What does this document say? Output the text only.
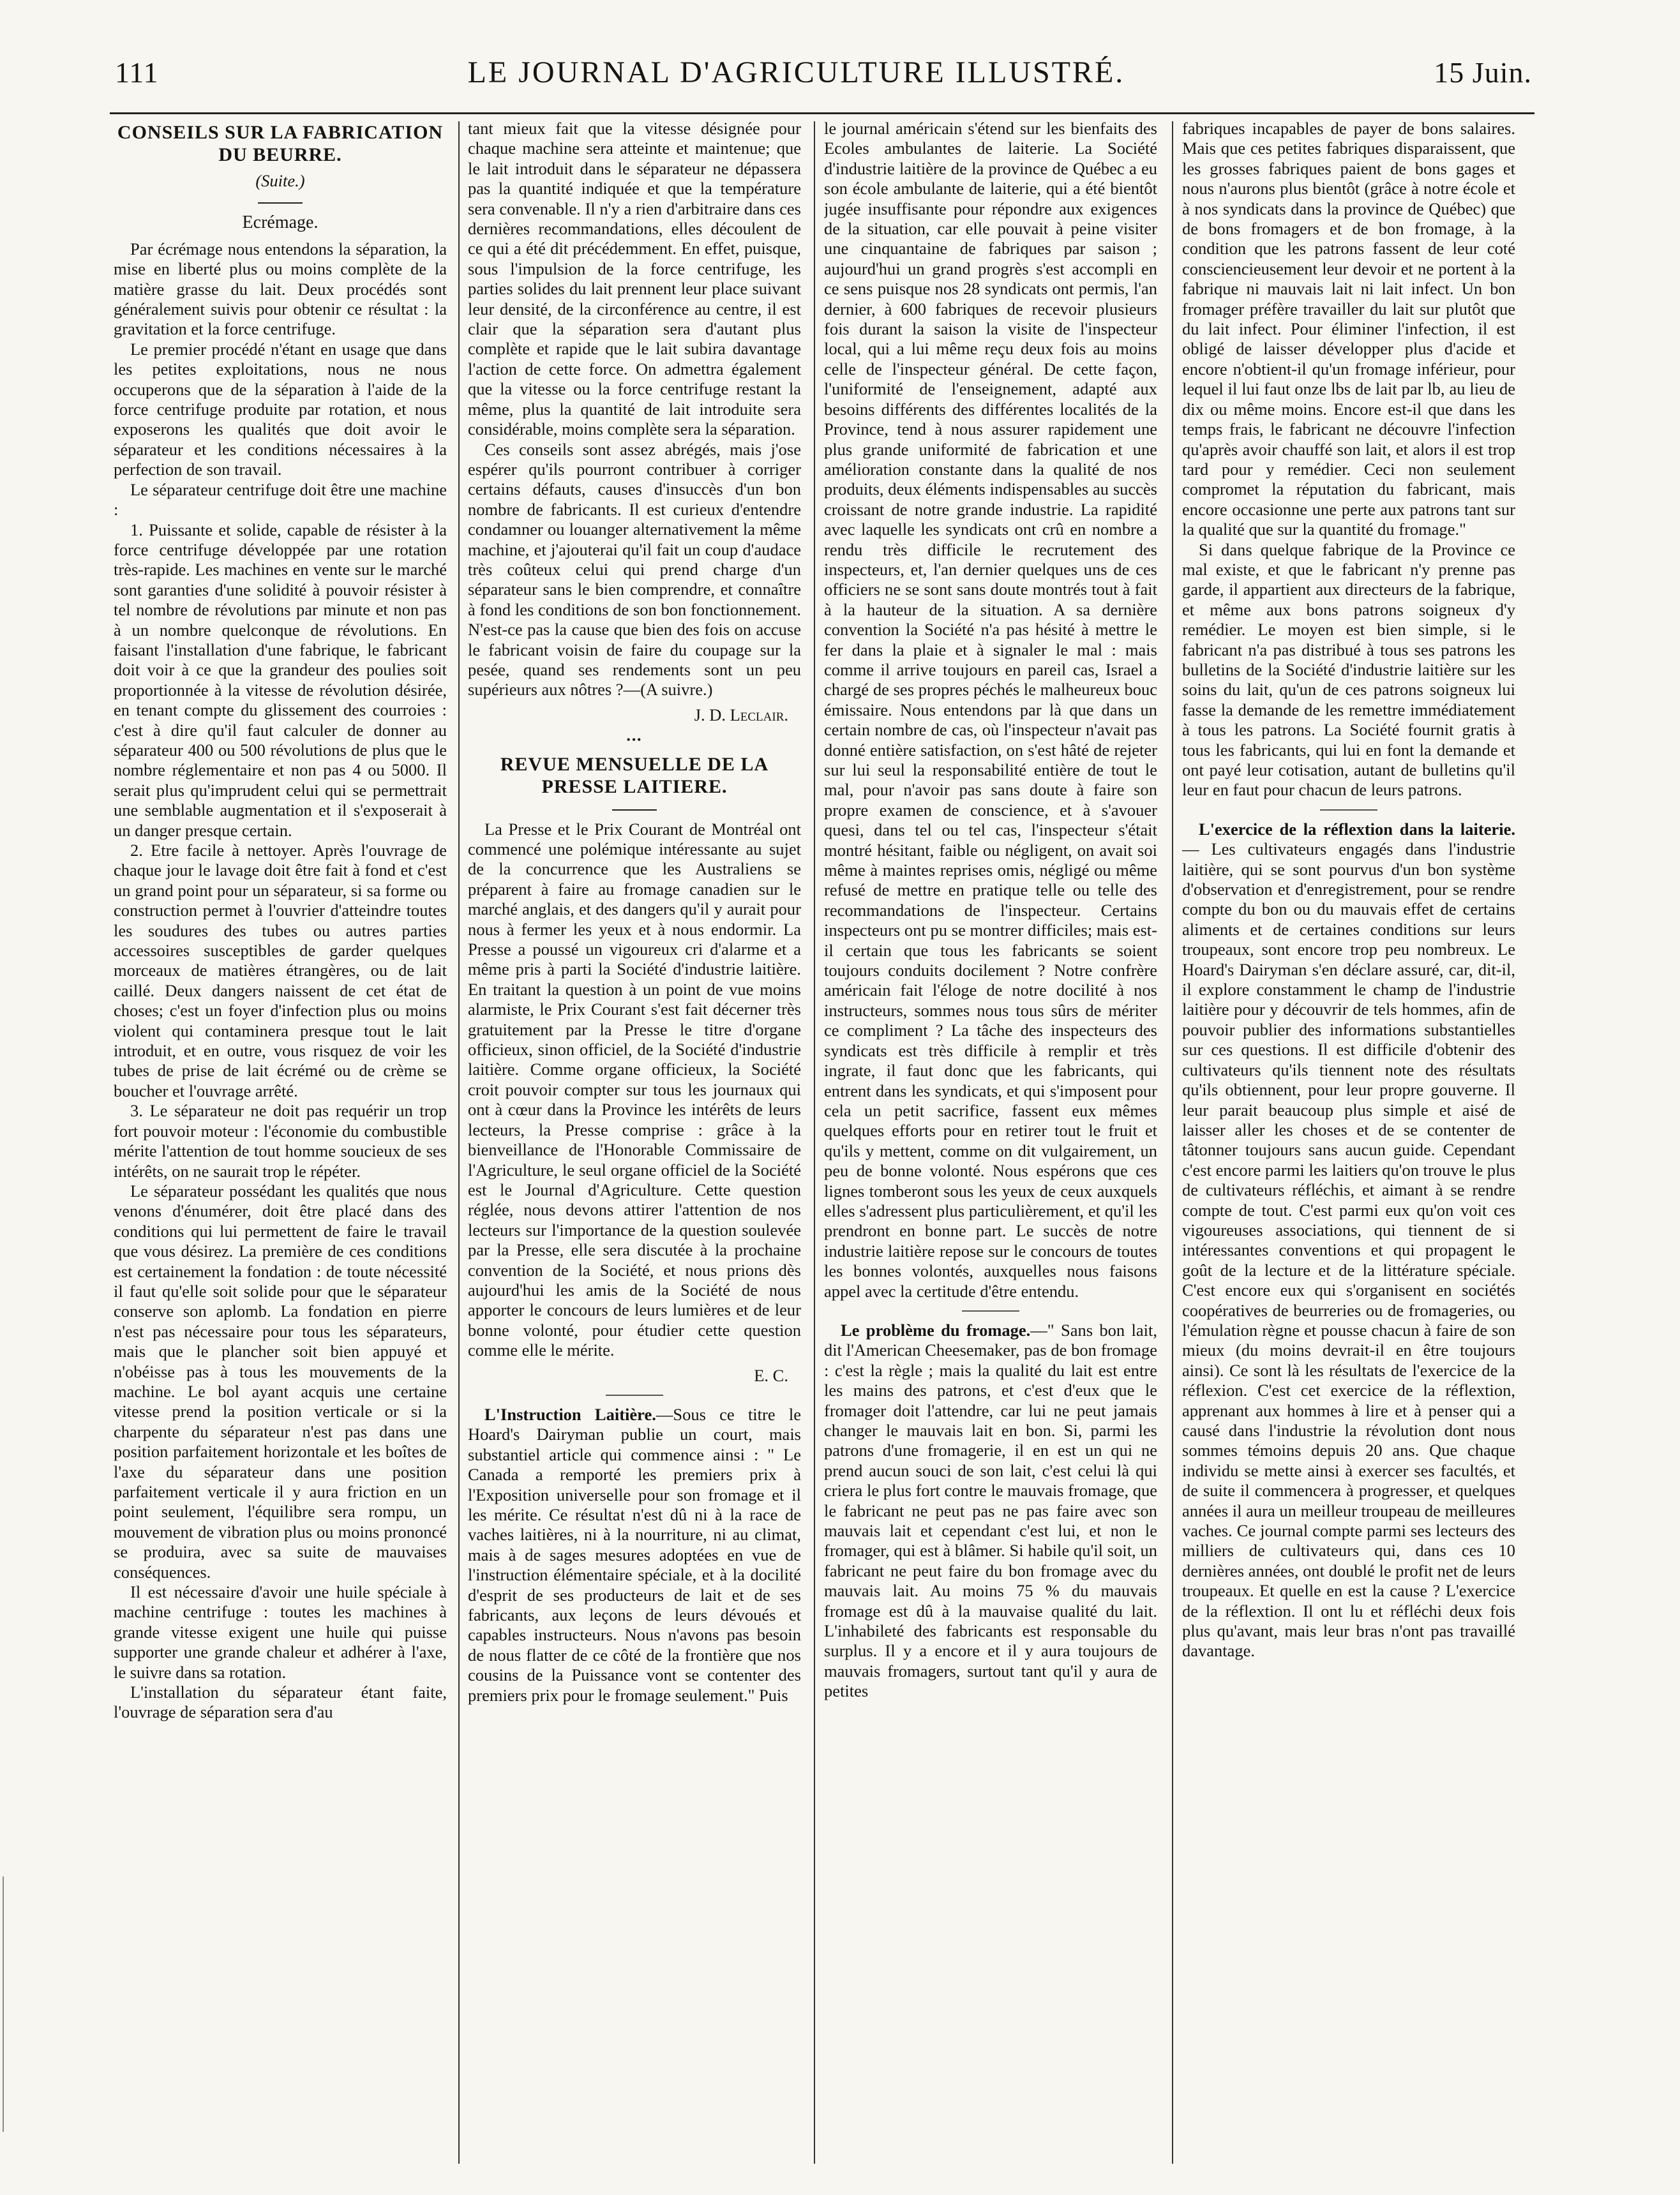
111	LE JOURNAL D'AGRICULTURE ILLUSTRÉ.	15 Juin.
CONSEILS SUR LA FABRICATION DU BEURRE.
(Suite.)
Ecrémage.

Par écrémage nous entendons la séparation, la mise en liberté plus ou moins complète de la matière grasse du lait. Deux procédés sont généralement suivis pour obtenir ce résultat : la gravitation et la force centrifuge.

Le premier procédé n'étant en usage que dans les petites exploitations, nous ne nous occuperons que de la séparation à l'aide de la force centrifuge produite par rotation, et nous exposerons les qualités que doit avoir le séparateur et les conditions nécessaires à la perfection de son travail.

Le séparateur centrifuge doit être une machine :

1. Puissante et solide, capable de résister à la force centrifuge développée par une rotation très-rapide. Les machines en vente sur le marché sont garanties d'une solidité à pouvoir résister à tel nombre de révolutions par minute et non pas à un nombre quelconque de révolutions. En faisant l'installation d'une fabrique, le fabricant doit voir à ce que la grandeur des poulies soit proportionnée à la vitesse de révolution désirée, en tenant compte du glissement des courroies : c'est à dire qu'il faut calculer de donner au séparateur 400 ou 500 révolutions de plus que le nombre réglementaire et non pas 4 ou 5000. Il serait plus qu'imprudent celui qui se permettrait une semblable augmentation et il s'exposerait à un danger presque certain.

2. Etre facile à nettoyer. Après l'ouvrage de chaque jour le lavage doit être fait à fond et c'est un grand point pour un séparateur, si sa forme ou construction permet à l'ouvrier d'atteindre toutes les soudures des tubes ou autres parties accessoires susceptibles de garder quelques morceaux de matières étrangères, ou de lait caillé. Deux dangers naissent de cet état de choses; c'est un foyer d'infection plus ou moins violent qui contaminera presque tout le lait introduit, et en outre, vous risquez de voir les tubes de prise de lait écrémé ou de crème se boucher et l'ouvrage arrêté.

3. Le séparateur ne doit pas requérir un trop fort pouvoir moteur : l'économie du combustible mérite l'attention de tout homme soucieux de ses intérêts, on ne saurait trop le répéter.

Le séparateur possédant les qualités que nous venons d'énumérer, doit être placé dans des conditions qui lui permettent de faire le travail que vous désirez. La première de ces conditions est certainement la fondation : de toute nécessité il faut qu'elle soit solide pour que le séparateur conserve son aplomb. La fondation en pierre n'est pas nécessaire pour tous les séparateurs, mais que le plancher soit bien appuyé et n'obéisse pas à tous les mouvements de la machine. Le bol ayant acquis une certaine vitesse prend la position verticale or si la charpente du séparateur n'est pas dans une position parfaitement horizontale et les boîtes de l'axe du séparateur dans une position parfaitement verticale il y aura friction en un point seulement, l'équilibre sera rompu, un mouvement de vibration plus ou moins prononcé se produira, avec sa suite de mauvaises conséquences.

Il est nécessaire d'avoir une huile spéciale à machine centrifuge : toutes les machines à grande vitesse exigent une huile qui puisse supporter une grande chaleur et adhérer à l'axe, le suivre dans sa rotation.

L'installation du séparateur étant faite, l'ouvrage de séparation sera d'au

tant mieux fait que la vitesse désignée pour chaque machine sera atteinte et maintenue; que le lait introduit dans le séparateur ne dépassera pas la quantité indiquée et que la température sera convenable. Il n'y a rien d'arbitraire dans ces dernières recommandations, elles découlent de ce qui a été dit précédemment. En effet, puisque, sous l'impulsion de la force centrifuge, les parties solides du lait prennent leur place suivant leur densité, de la circonférence au centre, il est clair que la séparation sera d'autant plus complète et rapide que le lait subira davantage l'action de cette force. On admettra également que la vitesse ou la force centrifuge restant la même, plus la quantité de lait introduite sera considérable, moins complète sera la séparation.

Ces conseils sont assez abrégés, mais j'ose espérer qu'ils pourront contribuer à corriger certains défauts, causes d'insuccès d'un bon nombre de fabricants. Il est curieux d'entendre condamner ou louanger alternativement la même machine, et j'ajouterai qu'il fait un coup d'audace très coûteux celui qui prend charge d'un séparateur sans le bien comprendre, et connaître à fond les conditions de son bon fonctionnement. N'est-ce pas la cause que bien des fois on accuse le fabricant voisin de faire du coupage sur la pesée, quand ses rendements sont un peu supérieurs aux nôtres ?—(A suivre.)

J. D. Leclair.
•••
REVUE MENSUELLE DE LA PRESSE LAITIERE.

La Presse et le Prix Courant de Montréal ont commencé une polémique intéressante au sujet de la concurrence que les Australiens se préparent à faire au fromage canadien sur le marché anglais, et des dangers qu'il y aurait pour nous à fermer les yeux et à nous endormir. La Presse a poussé un vigoureux cri d'alarme et a même pris à parti la Société d'industrie laitière. En traitant la question à un point de vue moins alarmiste, le Prix Courant s'est fait décerner très gratuitement par la Presse le titre d'organe officieux, sinon officiel, de la Société d'industrie laitière. Comme organe officieux, la Société croit pouvoir compter sur tous les journaux qui ont à cœur dans la Province les intérêts de leurs lecteurs, la Presse comprise : grâce à la bienveillance de l'Honorable Commissaire de l'Agriculture, le seul organe officiel de la Société est le Journal d'Agriculture. Cette question réglée, nous devons attirer l'attention de nos lecteurs sur l'importance de la question soulevée par la Presse, elle sera discutée à la prochaine convention de la Société, et nous prions dès aujourd'hui les amis de la Société de nous apporter le concours de leurs lumières et de leur bonne volonté, pour étudier cette question comme elle le mérite.

E. C.

L'Instruction Laitière.—Sous ce titre le Hoard's Dairyman publie un court, mais substantiel article qui commence ainsi : " Le Canada a remporté les premiers prix à l'Exposition universelle pour son fromage et il les mérite. Ce résultat n'est dû ni à la race de vaches laitières, ni à la nourriture, ni au climat, mais à de sages mesures adoptées en vue de l'instruction élémentaire spéciale, et à la docilité d'esprit de ses producteurs de lait et de ses fabricants, aux leçons de leurs dévoués et capables instructeurs. Nous n'avons pas besoin de nous flatter de ce côté de la frontière que nos cousins de la Puissance vont se contenter des premiers prix pour le fromage seulement." Puis

le journal américain s'étend sur les bienfaits des Ecoles ambulantes de laiterie. La Société d'industrie laitière de la province de Québec a eu son école ambulante de laiterie, qui a été bientôt jugée insuffisante pour répondre aux exigences de la situation, car elle pouvait à peine visiter une cinquantaine de fabriques par saison ; aujourd'hui un grand progrès s'est accompli en ce sens puisque nos 28 syndicats ont permis, l'an dernier, à 600 fabriques de recevoir plusieurs fois durant la saison la visite de l'inspecteur local, qui a lui même reçu deux fois au moins celle de l'inspecteur général. De cette façon, l'uniformité de l'enseignement, adapté aux besoins différents des différentes localités de la Province, tend à nous assurer rapidement une plus grande uniformité de fabrication et une amélioration constante dans la qualité de nos produits, deux éléments indispensables au succès croissant de notre grande industrie. La rapidité avec laquelle les syndicats ont crû en nombre a rendu très difficile le recrutement des inspecteurs, et, l'an dernier quelques uns de ces officiers ne se sont sans doute montrés tout à fait à la hauteur de la situation. A sa dernière convention la Société n'a pas hésité à mettre le fer dans la plaie et à signaler le mal : mais comme il arrive toujours en pareil cas, Israel a chargé de ses propres péchés le malheureux bouc émissaire. Nous entendons par là que dans un certain nombre de cas, où l'inspecteur n'avait pas donné entière satisfaction, on s'est hâté de rejeter sur lui seul la responsabilité entière de tout le mal, pour n'avoir pas sans doute à faire son propre examen de conscience, et à s'avouer quesi, dans tel ou tel cas, l'inspecteur s'était montré hésitant, faible ou négligent, on avait soi même à maintes reprises omis, négligé ou même refusé de mettre en pratique telle ou telle des recommandations de l'inspecteur. Certains inspecteurs ont pu se montrer difficiles; mais est-il certain que tous les fabricants se soient toujours conduits docilement ? Notre confrère américain fait l'éloge de notre docilité à nos instructeurs, sommes nous tous sûrs de mériter ce compliment ? La tâche des inspecteurs des syndicats est très difficile à remplir et très ingrate, il faut donc que les fabricants, qui entrent dans les syndicats, et qui s'imposent pour cela un petit sacrifice, fassent eux mêmes quelques efforts pour en retirer tout le fruit et qu'ils y mettent, comme on dit vulgairement, un peu de bonne volonté. Nous espérons que ces lignes tomberont sous les yeux de ceux auxquels elles s'adressent plus particulièrement, et qu'il les prendront en bonne part. Le succès de notre industrie laitière repose sur le concours de toutes les bonnes volontés, auxquelles nous faisons appel avec la certitude d'être entendu.

Le problème du fromage.—" Sans bon lait, dit l'American Cheesemaker, pas de bon fromage : c'est la règle ; mais la qualité du lait est entre les mains des patrons, et c'est d'eux que le fromager doit l'attendre, car lui ne peut jamais changer le mauvais lait en bon. Si, parmi les patrons d'une fromagerie, il en est un qui ne prend aucun souci de son lait, c'est celui là qui criera le plus fort contre le mauvais fromage, que le fabricant ne peut pas ne pas faire avec son mauvais lait et cependant c'est lui, et non le fromager, qui est à blâmer. Si habile qu'il soit, un fabricant ne peut faire du bon fromage avec du mauvais lait. Au moins 75 % du mauvais fromage est dû à la mauvaise qualité du lait. L'inhabileté des fabricants est responsable du surplus. Il y a encore et il y aura toujours de mauvais fromagers, surtout tant qu'il y aura de petites

fabriques incapables de payer de bons salaires. Mais que ces petites fabriques disparaissent, que les grosses fabriques paient de bons gages et nous n'aurons plus bientôt (grâce à notre école et à nos syndicats dans la province de Québec) que de bons fromagers et de bon fromage, à la condition que les patrons fassent de leur coté consciencieusement leur devoir et ne portent à la fabrique ni mauvais lait ni lait infect. Un bon fromager préfère travailler du lait sur plutôt que du lait infect. Pour éliminer l'infection, il est obligé de laisser développer plus d'acide et encore n'obtient-il qu'un fromage inférieur, pour lequel il lui faut onze lbs de lait par lb, au lieu de dix ou même moins. Encore est-il que dans les temps frais, le fabricant ne découvre l'infection qu'après avoir chauffé son lait, et alors il est trop tard pour y remédier. Ceci non seulement compromet la réputation du fabricant, mais encore occasionne une perte aux patrons tant sur la qualité que sur la quantité du fromage."

Si dans quelque fabrique de la Province ce mal existe, et que le fabricant n'y prenne pas garde, il appartient aux directeurs de la fabrique, et même aux bons patrons soigneux d'y remédier. Le moyen est bien simple, si le fabricant n'a pas distribué à tous ses patrons les bulletins de la Société d'industrie laitière sur les soins du lait, qu'un de ces patrons soigneux lui fasse la demande de les remettre immédiatement à tous les patrons. La Société fournit gratis à tous les fabricants, qui lui en font la demande et ont payé leur cotisation, autant de bulletins qu'il leur en faut pour chacun de leurs patrons.

L'exercice de la réflextion dans la laiterie.— Les cultivateurs engagés dans l'industrie laitière, qui se sont pourvus d'un bon système d'observation et d'enregistrement, pour se rendre compte du bon ou du mauvais effet de certains aliments et de certaines conditions sur leurs troupeaux, sont encore trop peu nombreux. Le Hoard's Dairyman s'en déclare assuré, car, dit-il, il explore constamment le champ de l'industrie laitière pour y découvrir de tels hommes, afin de pouvoir publier des informations substantielles sur ces questions. Il est difficile d'obtenir des cultivateurs qu'ils tiennent note des résultats qu'ils obtiennent, pour leur propre gouverne. Il leur parait beaucoup plus simple et aisé de laisser aller les choses et de se contenter de tâtonner toujours sans aucun guide. Cependant c'est encore parmi les laitiers qu'on trouve le plus de cultivateurs réfléchis, et aimant à se rendre compte de tout. C'est parmi eux qu'on voit ces vigoureuses associations, qui tiennent de si intéressantes conventions et qui propagent le goût de la lecture et de la littérature spéciale. C'est encore eux qui s'organisent en sociétés coopératives de beurreries ou de fromageries, ou l'émulation règne et pousse chacun à faire de son mieux (du moins devrait-il en être toujours ainsi). Ce sont là les résultats de l'exercice de la réflexion. C'est cet exercice de la réflextion, apprenant aux hommes à lire et à penser qui a causé dans l'industrie la révolution dont nous sommes témoins depuis 20 ans. Que chaque individu se mette ainsi à exercer ses facultés, et de suite il commencera à progresser, et quelques années il aura un meilleur troupeau de meilleures vaches. Ce journal compte parmi ses lecteurs des milliers de cultivateurs qui, dans ces 10 dernières années, ont doublé le profit net de leurs troupeaux. Et quelle en est la cause ? L'exercice de la réflextion. Il ont lu et réfléchi deux fois plus qu'avant, mais leur bras n'ont pas travaillé davantage.
